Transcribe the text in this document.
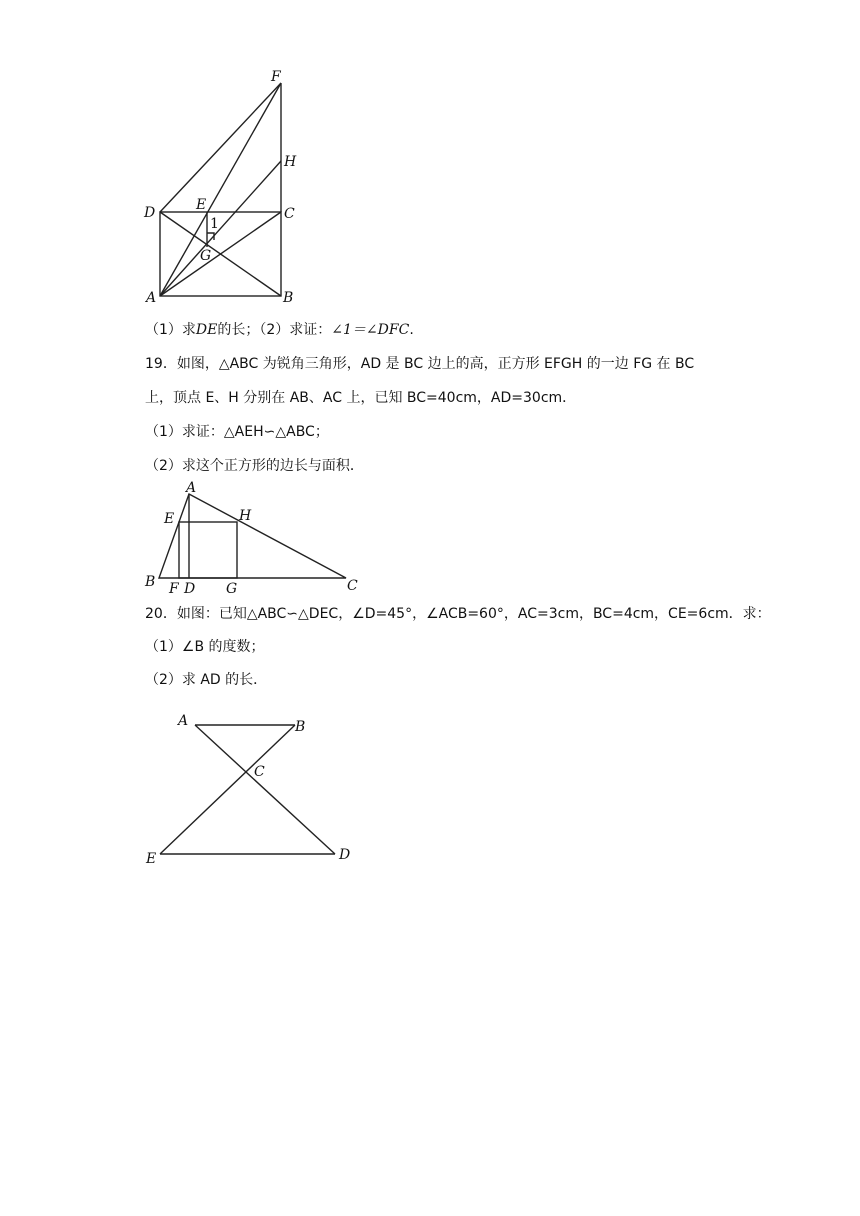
F
H
D	E
C
1
G
A	B
（1）求DE的长；（2）求证：∠1＝∠DFC.
19．如图，△ABC 为锐角三角形，AD 是 BC 边上的高，正方形 EFGH 的一边 FG 在 BC
上，顶点 E、H 分别在 AB、AC 上，已知 BC=40cm，AD=30cm．
（1）求证：△AEH∽△ABC；
（2）求这个正方形的边长与面积．
A
E	H
B F D G	C
20．如图：已知△ABC∽△DEC，∠D=45°，∠ACB=60°，AC=3cm，BC=4cm，CE=6cm．求：
（1）∠B 的度数；
（2）求 AD 的长．
A	B
C
E	D
